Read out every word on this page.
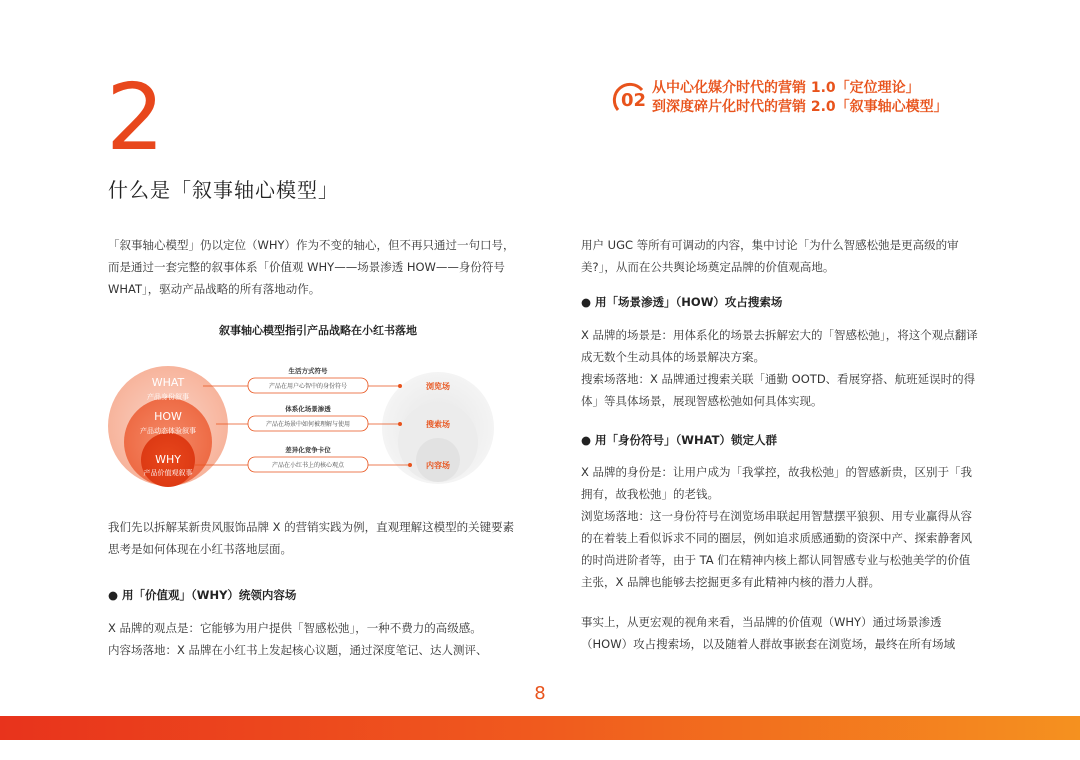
2	02
从中心化媒介时代的营销 1.0「定位理论」
到深度碎片化时代的营销 2.0「叙事轴心模型」
什么是「叙事轴心模型」
「叙事轴心模型」仍以定位（WHY）作为不变的轴心，但不再只通过一句口号，而是通过一套完整的叙事体系「价值观 WHY——场景渗透 HOW——身份符号 WHAT」，驱动产品战略的所有落地动作。
叙事轴心模型指引产品战略在小红书落地
WHAT
产品身份叙事
HOW
产品动态体验叙事
WHY
产品价值观叙事
生活方式符号
产品在用户心智中的身份符号	浏览场
体系化场景渗透
产品在场景中如何被理解与使用	搜索场
差异化竞争卡位
产品在小红书上的核心观点	内容场
我们先以拆解某新贵风服饰品牌 X 的营销实践为例，直观理解这模型的关键要素思考是如何体现在小红书落地层面。
● 用「价值观」（WHY）统领内容场
X 品牌的观点是：它能够为用户提供「智感松弛」，一种不费力的高级感。
内容场落地：X 品牌在小红书上发起核心议题，通过深度笔记、达人测评、
用户 UGC 等所有可调动的内容，集中讨论「为什么智感松弛是更高级的审美?」，从而在公共舆论场奠定品牌的价值观高地。
● 用「场景渗透」（HOW）攻占搜索场
X 品牌的场景是：用体系化的场景去拆解宏大的「智感松弛」，将这个观点翻译成无数个生动具体的场景解决方案。
搜索场落地：X 品牌通过搜索关联「通勤 OOTD、看展穿搭、航班延误时的得体」等具体场景，展现智感松弛如何具体实现。
● 用「身份符号」（WHAT）锁定人群
X 品牌的身份是：让用户成为「我掌控，故我松弛」的智感新贵，区别于「我拥有，故我松弛」的老钱。
浏览场落地：这一身份符号在浏览场串联起用智慧摆平狼狈、用专业赢得从容的在着装上看似诉求不同的圈层，例如追求质感通勤的资深中产、探索静奢风的时尚进阶者等，由于 TA 们在精神内核上都认同智感专业与松弛美学的价值主张，X 品牌也能够去挖掘更多有此精神内核的潜力人群。
事实上，从更宏观的视角来看，当品牌的价值观（WHY）通过场景渗透（HOW）攻占搜索场，以及随着人群故事嵌套在浏览场，最终在所有场域
8
